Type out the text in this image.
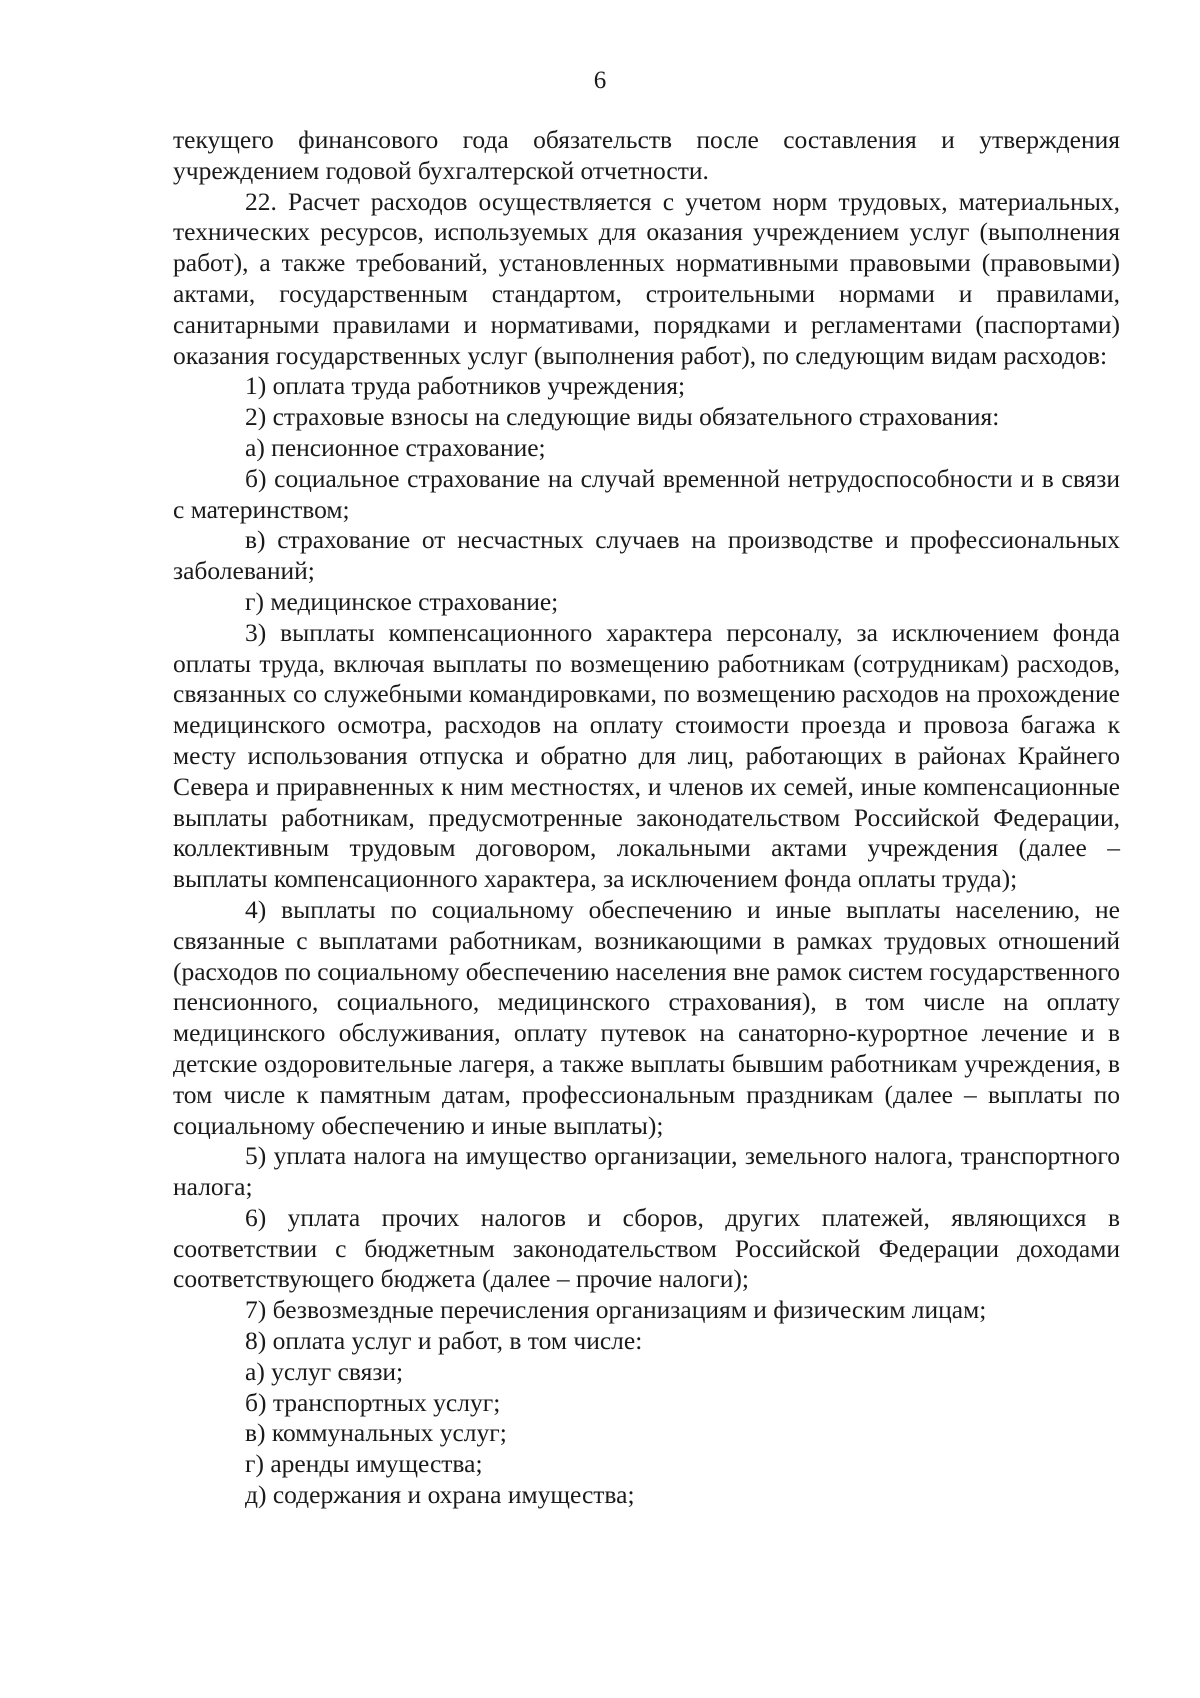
6

текущего финансового года обязательств после составления и утверждения учреждением годовой бухгалтерской отчетности.

22. Расчет расходов осуществляется с учетом норм трудовых, материальных, технических ресурсов, используемых для оказания учреждением услуг (выполнения работ), а также требований, установленных нормативными правовыми (правовыми) актами, государственным стандартом, строительными нормами и правилами, санитарными правилами и нормативами, порядками и регламентами (паспортами) оказания государственных услуг (выполнения работ), по следующим видам расходов:

1) оплата труда работников учреждения;

2) страховые взносы на следующие виды обязательного страхования:

а) пенсионное страхование;

б) социальное страхование на случай временной нетрудоспособности и в связи с материнством;

в) страхование от несчастных случаев на производстве и профессиональных заболеваний;

г) медицинское страхование;

3) выплаты компенсационного характера персоналу, за исключением фонда оплаты труда, включая выплаты по возмещению работникам (сотрудникам) расходов, связанных со служебными командировками, по возмещению расходов на прохождение медицинского осмотра, расходов на оплату стоимости проезда и провоза багажа к месту использования отпуска и обратно для лиц, работающих в районах Крайнего Севера и приравненных к ним местностях, и членов их семей, иные компенсационные выплаты работникам, предусмотренные законодательством Российской Федерации, коллективным трудовым договором, локальными актами учреждения (далее – выплаты компенсационного характера, за исключением фонда оплаты труда);

4) выплаты по социальному обеспечению и иные выплаты населению, не связанные с выплатами работникам, возникающими в рамках трудовых отношений (расходов по социальному обеспечению населения вне рамок систем государственного пенсионного, социального, медицинского страхования), в том числе на оплату медицинского обслуживания, оплату путевок на санаторно-курортное лечение и в детские оздоровительные лагеря, а также выплаты бывшим работникам учреждения, в том числе к памятным датам, профессиональным праздникам (далее – выплаты по социальному обеспечению и иные выплаты);

5) уплата налога на имущество организации, земельного налога, транспортного налога;

6) уплата прочих налогов и сборов, других платежей, являющихся в соответствии с бюджетным законодательством Российской Федерации доходами соответствующего бюджета (далее – прочие налоги);

7) безвозмездные перечисления организациям и физическим лицам;

8) оплата услуг и работ, в том числе:

а) услуг связи;

б) транспортных услуг;

в) коммунальных услуг;

г) аренды имущества;

д) содержания и охрана имущества;
